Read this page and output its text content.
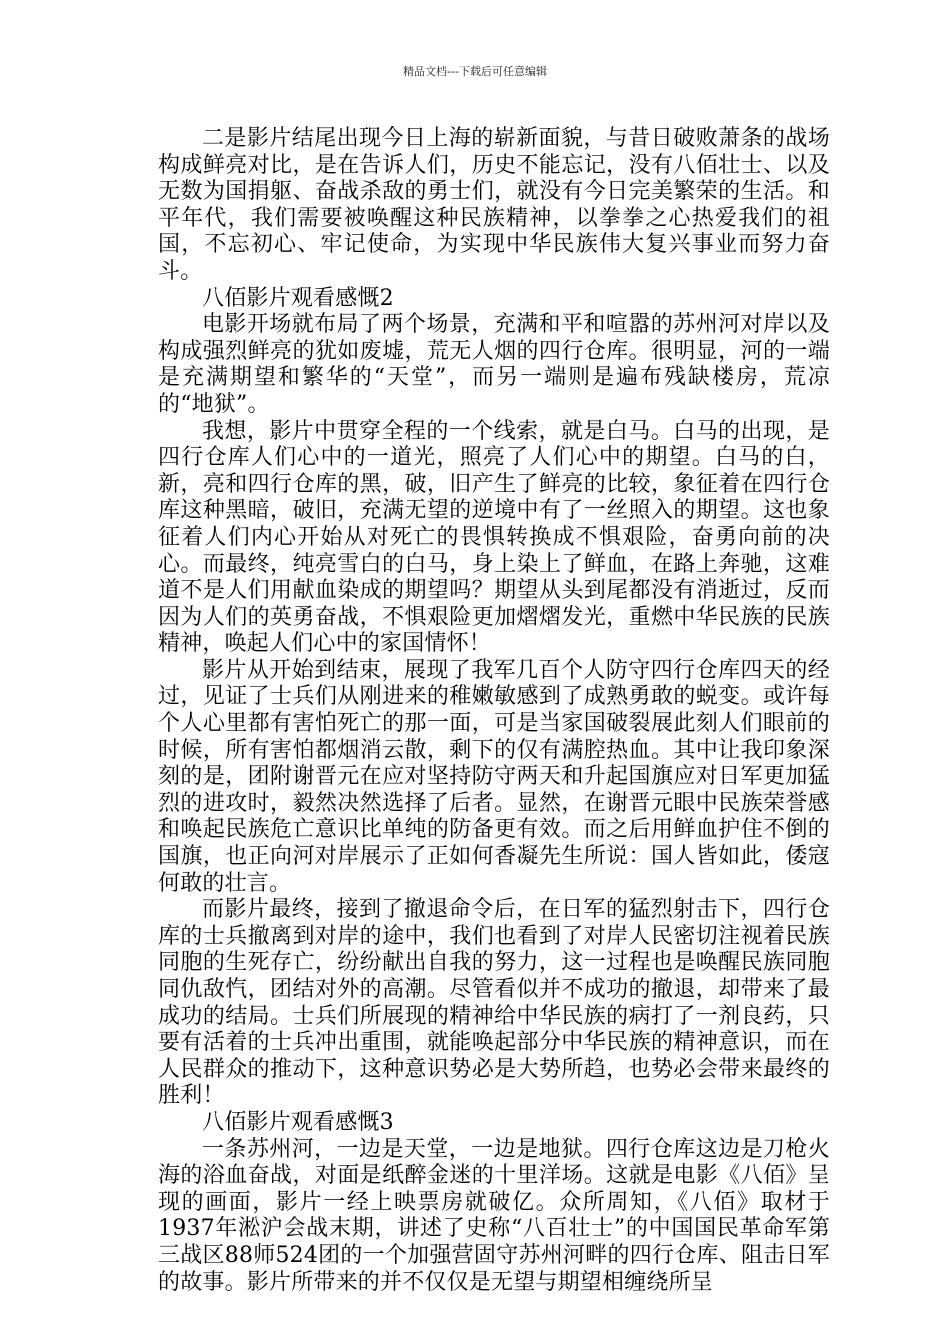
精品文档---下载后可任意编辑

二是影片结尾出现今日上海的崭新面貌，与昔日破败萧条的战场构成鲜亮对比，是在告诉人们，历史不能忘记，没有八佰壮士、以及无数为国捐躯、奋战杀敌的勇士们，就没有今日完美繁荣的生活。和平年代，我们需要被唤醒这种民族精神，以拳拳之心热爱我们的祖国，不忘初心、牢记使命，为实现中华民族伟大复兴事业而努力奋斗。

八佰影片观看感慨2

电影开场就布局了两个场景，充满和平和喧嚣的苏州河对岸以及构成强烈鲜亮的犹如废墟，荒无人烟的四行仓库。很明显，河的一端是充满期望和繁华的“天堂”，而另一端则是遍布残缺楼房，荒凉的“地狱”。

我想，影片中贯穿全程的一个线索，就是白马。白马的出现，是四行仓库人们心中的一道光，照亮了人们心中的期望。白马的白，新，亮和四行仓库的黑，破，旧产生了鲜亮的比较，象征着在四行仓库这种黑暗，破旧，充满无望的逆境中有了一丝照入的期望。这也象征着人们内心开始从对死亡的畏惧转换成不惧艰险，奋勇向前的决心。而最终，纯亮雪白的白马，身上染上了鲜血，在路上奔驰，这难道不是人们用献血染成的期望吗？期望从头到尾都没有消逝过，反而因为人们的英勇奋战，不惧艰险更加熠熠发光，重燃中华民族的民族精神，唤起人们心中的家国情怀！

影片从开始到结束，展现了我军几百个人防守四行仓库四天的经过，见证了士兵们从刚进来的稚嫩敏感到了成熟勇敢的蜕变。或许每个人心里都有害怕死亡的那一面，可是当家国破裂展此刻人们眼前的时候，所有害怕都烟消云散，剩下的仅有满腔热血。其中让我印象深刻的是，团附谢晋元在应对坚持防守两天和升起国旗应对日军更加猛烈的进攻时，毅然决然选择了后者。显然，在谢晋元眼中民族荣誉感和唤起民族危亡意识比单纯的防备更有效。而之后用鲜血护住不倒的国旗，也正向河对岸展示了正如何香凝先生所说：国人皆如此，倭寇何敢的壮言。

而影片最终，接到了撤退命令后，在日军的猛烈射击下，四行仓库的士兵撤离到对岸的途中，我们也看到了对岸人民密切注视着民族同胞的生死存亡，纷纷献出自我的努力，这一过程也是唤醒民族同胞同仇敌忾，团结对外的高潮。尽管看似并不成功的撤退，却带来了最成功的结局。士兵们所展现的精神给中华民族的病打了一剂良药，只要有活着的士兵冲出重围，就能唤起部分中华民族的精神意识，而在人民群众的推动下，这种意识势必是大势所趋，也势必会带来最终的胜利！

八佰影片观看感慨3

一条苏州河，一边是天堂，一边是地狱。四行仓库这边是刀枪火海的浴血奋战，对面是纸醉金迷的十里洋场。这就是电影《八佰》呈现的画面，影片一经上映票房就破亿。众所周知，《八佰》取材于1937年淞沪会战末期，讲述了史称“八百壮士”的中国国民革命军第三战区88师524团的一个加强营固守苏州河畔的四行仓库、阻击日军的故事。影片所带来的并不仅仅是无望与期望相缠绕所呈
